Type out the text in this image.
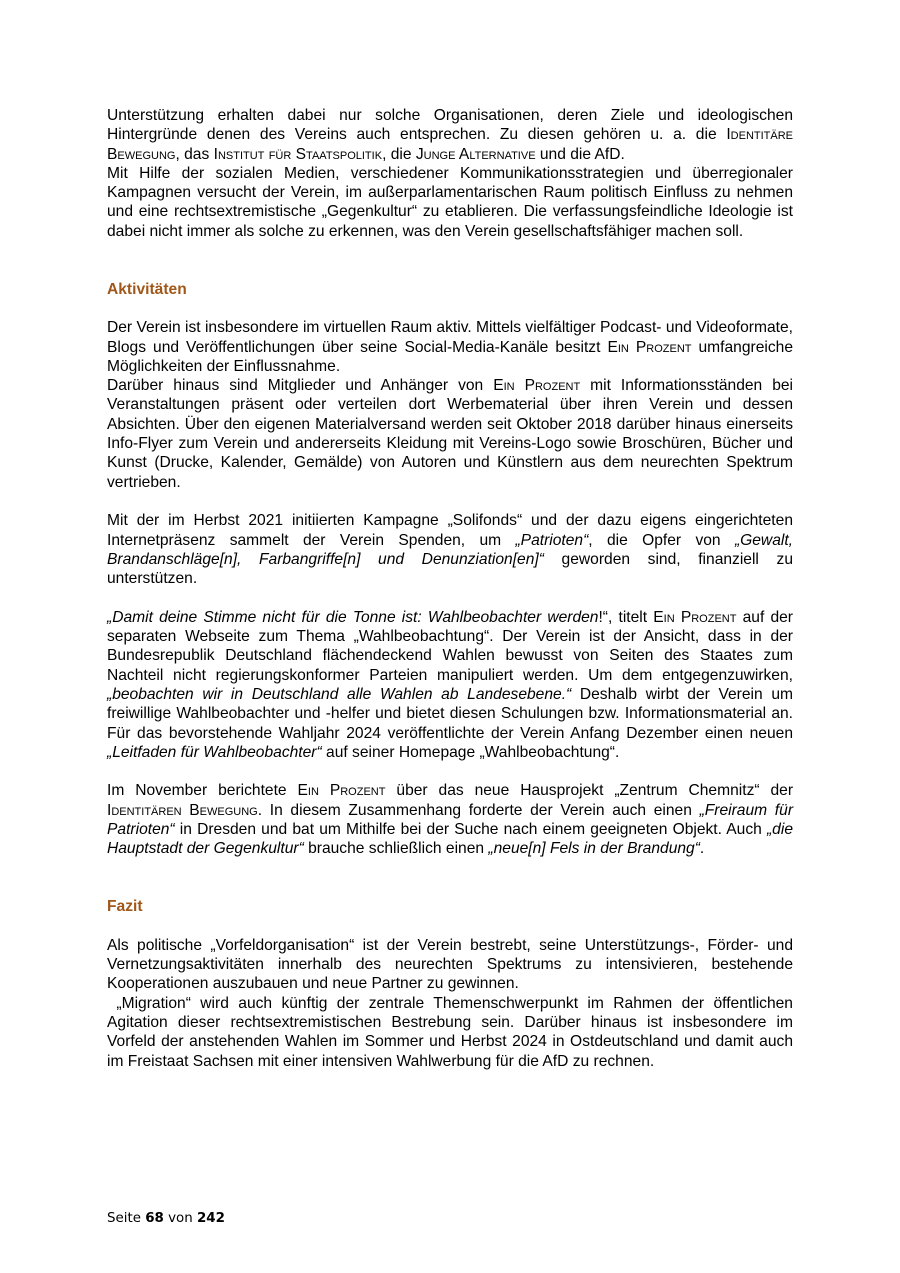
Unterstützung erhalten dabei nur solche Organisationen, deren Ziele und ideologischen Hintergründe denen des Vereins auch entsprechen. Zu diesen gehören u. a. die Identitäre Bewegung, das Institut für Staatspolitik, die Junge Alternative und die AfD.

Mit Hilfe der sozialen Medien, verschiedener Kommunikationsstrategien und überregionaler Kampagnen versucht der Verein, im außerparlamentarischen Raum politisch Einfluss zu nehmen und eine rechtsextremistische „Gegenkultur“ zu etablieren. Die verfassungsfeindliche Ideologie ist dabei nicht immer als solche zu erkennen, was den Verein gesellschaftsfähiger machen soll.

Aktivitäten

Der Verein ist insbesondere im virtuellen Raum aktiv. Mittels vielfältiger Podcast- und Videoformate, Blogs und Veröffentlichungen über seine Social-Media-Kanäle besitzt Ein Prozent umfangreiche Möglichkeiten der Einflussnahme.

Darüber hinaus sind Mitglieder und Anhänger von Ein Prozent mit Informationsständen bei Veranstaltungen präsent oder verteilen dort Werbematerial über ihren Verein und dessen Absichten. Über den eigenen Materialversand werden seit Oktober 2018 darüber hinaus einerseits Info-Flyer zum Verein und andererseits Kleidung mit Vereins-Logo sowie Broschüren, Bücher und Kunst (Drucke, Kalender, Gemälde) von Autoren und Künstlern aus dem neurechten Spektrum vertrieben.

Mit der im Herbst 2021 initiierten Kampagne „Solifonds“ und der dazu eigens eingerichteten Internetpräsenz sammelt der Verein Spenden, um „Patrioten“, die Opfer von „Gewalt, Brandanschläge[n], Farbangriffe[n] und Denunziation[en]“ geworden sind, finanziell zu unterstützen.

„Damit deine Stimme nicht für die Tonne ist: Wahlbeobachter werden!“, titelt Ein Prozent auf der separaten Webseite zum Thema „Wahlbeobachtung“. Der Verein ist der Ansicht, dass in der Bundesrepublik Deutschland flächendeckend Wahlen bewusst von Seiten des Staates zum Nachteil nicht regierungskonformer Parteien manipuliert werden. Um dem entgegenzuwirken, „beobachten wir in Deutschland alle Wahlen ab Landesebene.“ Deshalb wirbt der Verein um freiwillige Wahlbeobachter und -helfer und bietet diesen Schulungen bzw. Informationsmaterial an. Für das bevorstehende Wahljahr 2024 veröffentlichte der Verein Anfang Dezember einen neuen „Leitfaden für Wahlbeobachter“ auf seiner Homepage „Wahlbeobachtung“.

Im November berichtete Ein Prozent über das neue Hausprojekt „Zentrum Chemnitz“ der Identitären Bewegung. In diesem Zusammenhang forderte der Verein auch einen „Freiraum für Patrioten“ in Dresden und bat um Mithilfe bei der Suche nach einem geeigneten Objekt. Auch „die Hauptstadt der Gegenkultur“ brauche schließlich einen „neue[n] Fels in der Brandung“.

Fazit

Als politische „Vorfeldorganisation“ ist der Verein bestrebt, seine Unterstützungs-, Förder- und Vernetzungsaktivitäten innerhalb des neurechten Spektrums zu intensivieren, bestehende Kooperationen auszubauen und neue Partner zu gewinnen.

„Migration“ wird auch künftig der zentrale Themenschwerpunkt im Rahmen der öffentlichen Agitation dieser rechtsextremistischen Bestrebung sein. Darüber hinaus ist insbesondere im Vorfeld der anstehenden Wahlen im Sommer und Herbst 2024 in Ostdeutschland und damit auch im Freistaat Sachsen mit einer intensiven Wahlwerbung für die AfD zu rechnen.

Seite 68 von 242
